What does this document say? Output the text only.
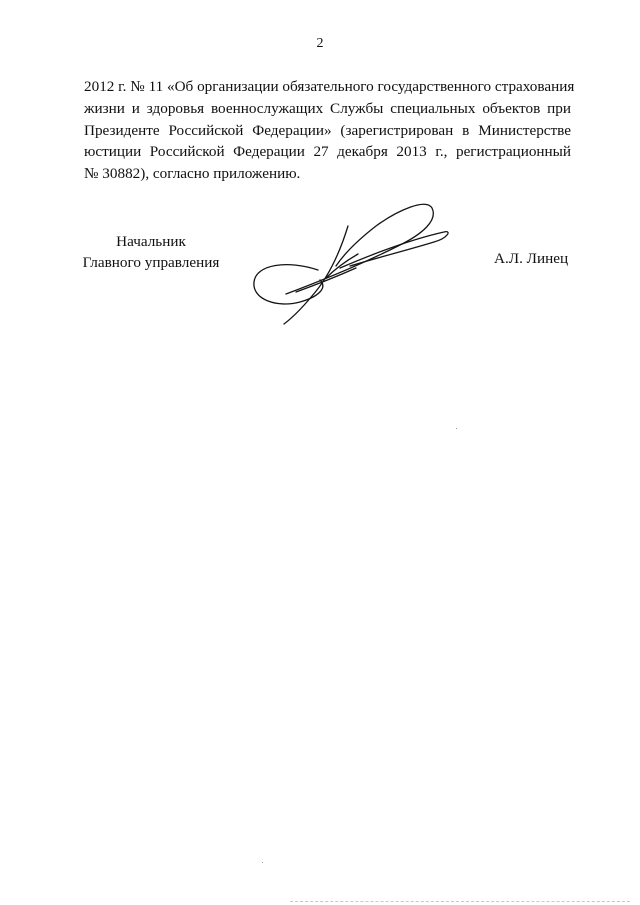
2

2012 г. № 11 «Об организации обязательного государственного страхования
жизни и здоровья военнослужащих Службы специальных объектов при
Президенте Российской Федерации» (зарегистрирован в Министерстве
юстиции Российской Федерации 27 декабря 2013 г., регистрационный
№ 30882), согласно приложению.

Начальник
Главного управления	А.Л. Линец
